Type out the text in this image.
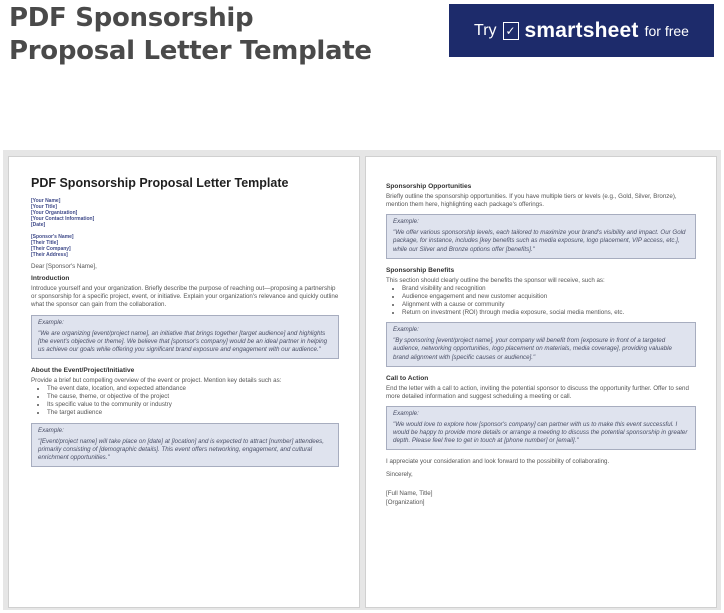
PDF Sponsorship
Proposal Letter Template
Try ✓ smartsheet for free
PDF Sponsorship Proposal Letter Template
[Your Name]
[Your Title]
[Your Organization]
[Your Contact Information]
[Date]
[Sponsor's Name]
[Their Title]
[Their Company]
[Their Address]
Dear [Sponsor's Name],
Introduction
Introduce yourself and your organization. Briefly describe the purpose of reaching out—proposing a partnership or sponsorship for a specific project, event, or initiative. Explain your organization's relevance and quickly outline what the sponsor can gain from the collaboration.
Example:
"We are organizing [event/project name], an initiative that brings together [target audience] and highlights [the event's objective or theme]. We believe that [sponsor's company] would be an ideal partner in helping us achieve our goals while offering you significant brand exposure and engagement with our audience."
About the Event/Project/Initiative
Provide a brief but compelling overview of the event or project. Mention key details such as:
• The event date, location, and expected attendance
• The cause, theme, or objective of the project
• Its specific value to the community or industry
• The target audience
Example:
"[Event/project name] will take place on [date] at [location] and is expected to attract [number] attendees, primarily consisting of [demographic details]. This event offers networking, engagement, and cultural enrichment opportunities."
Sponsorship Opportunities
Briefly outline the sponsorship opportunities. If you have multiple tiers or levels (e.g., Gold, Silver, Bronze), mention them here, highlighting each package's offerings.
Example:
"We offer various sponsorship levels, each tailored to maximize your brand's visibility and impact. Our Gold package, for instance, includes [key benefits such as media exposure, logo placement, VIP access, etc.], while our Silver and Bronze options offer [benefits]."
Sponsorship Benefits
This section should clearly outline the benefits the sponsor will receive, such as:
• Brand visibility and recognition
• Audience engagement and new customer acquisition
• Alignment with a cause or community
• Return on investment (ROI) through media exposure, social media mentions, etc.
Example:
"By sponsoring [event/project name], your company will benefit from [exposure in front of a targeted audience, networking opportunities, logo placement on materials, media coverage], providing valuable brand alignment with [specific causes or audience]."
Call to Action
End the letter with a call to action, inviting the potential sponsor to discuss the opportunity further. Offer to send more detailed information and suggest scheduling a meeting or call.
Example:
"We would love to explore how [sponsor's company] can partner with us to make this event successful. I would be happy to provide more details or arrange a meeting to discuss the potential sponsorship in greater depth. Please feel free to get in touch at [phone number] or [email]."
I appreciate your consideration and look forward to the possibility of collaborating.
Sincerely,
[Full Name, Title]
[Organization]
